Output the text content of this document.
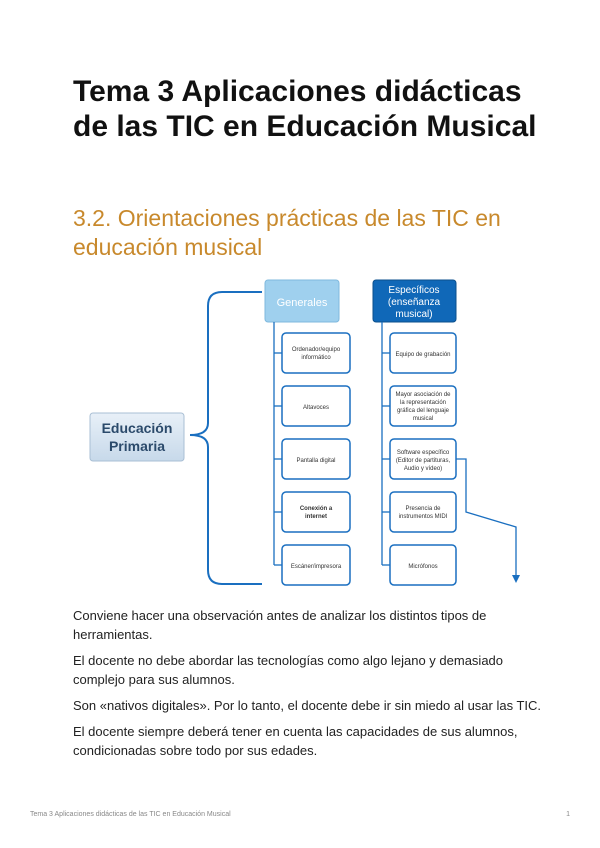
Tema 3 Aplicaciones didácticas de las TIC en Educación Musical
3.2. Orientaciones prácticas de las TIC en educación musical
Educación
Primaria
Generales
Específicos
(enseñanza
musical)
Ordenador/equipo
informático
Altavoces
Pantalla digital
Conexión a
internet
Escáner/impresora
Equipo de grabación
Mayor asociación de
la representación
gráfica del lenguaje
musical
Software específico
(Editor de partituras,
Audio y vídeo)
Presencia de
instrumentos MIDI
Micrófonos

Conviene hacer una observación antes de analizar los distintos tipos de herramientas.

El docente no debe abordar las tecnologías como algo lejano y demasiado complejo para sus alumnos.

Son «nativos digitales». Por lo tanto, el docente debe ir sin miedo al usar las TIC.

El docente siempre deberá tener en cuenta las capacidades de sus alumnos, condicionadas sobre todo por sus edades.

Tema 3 Aplicaciones didácticas de las TIC en Educación Musical	1
